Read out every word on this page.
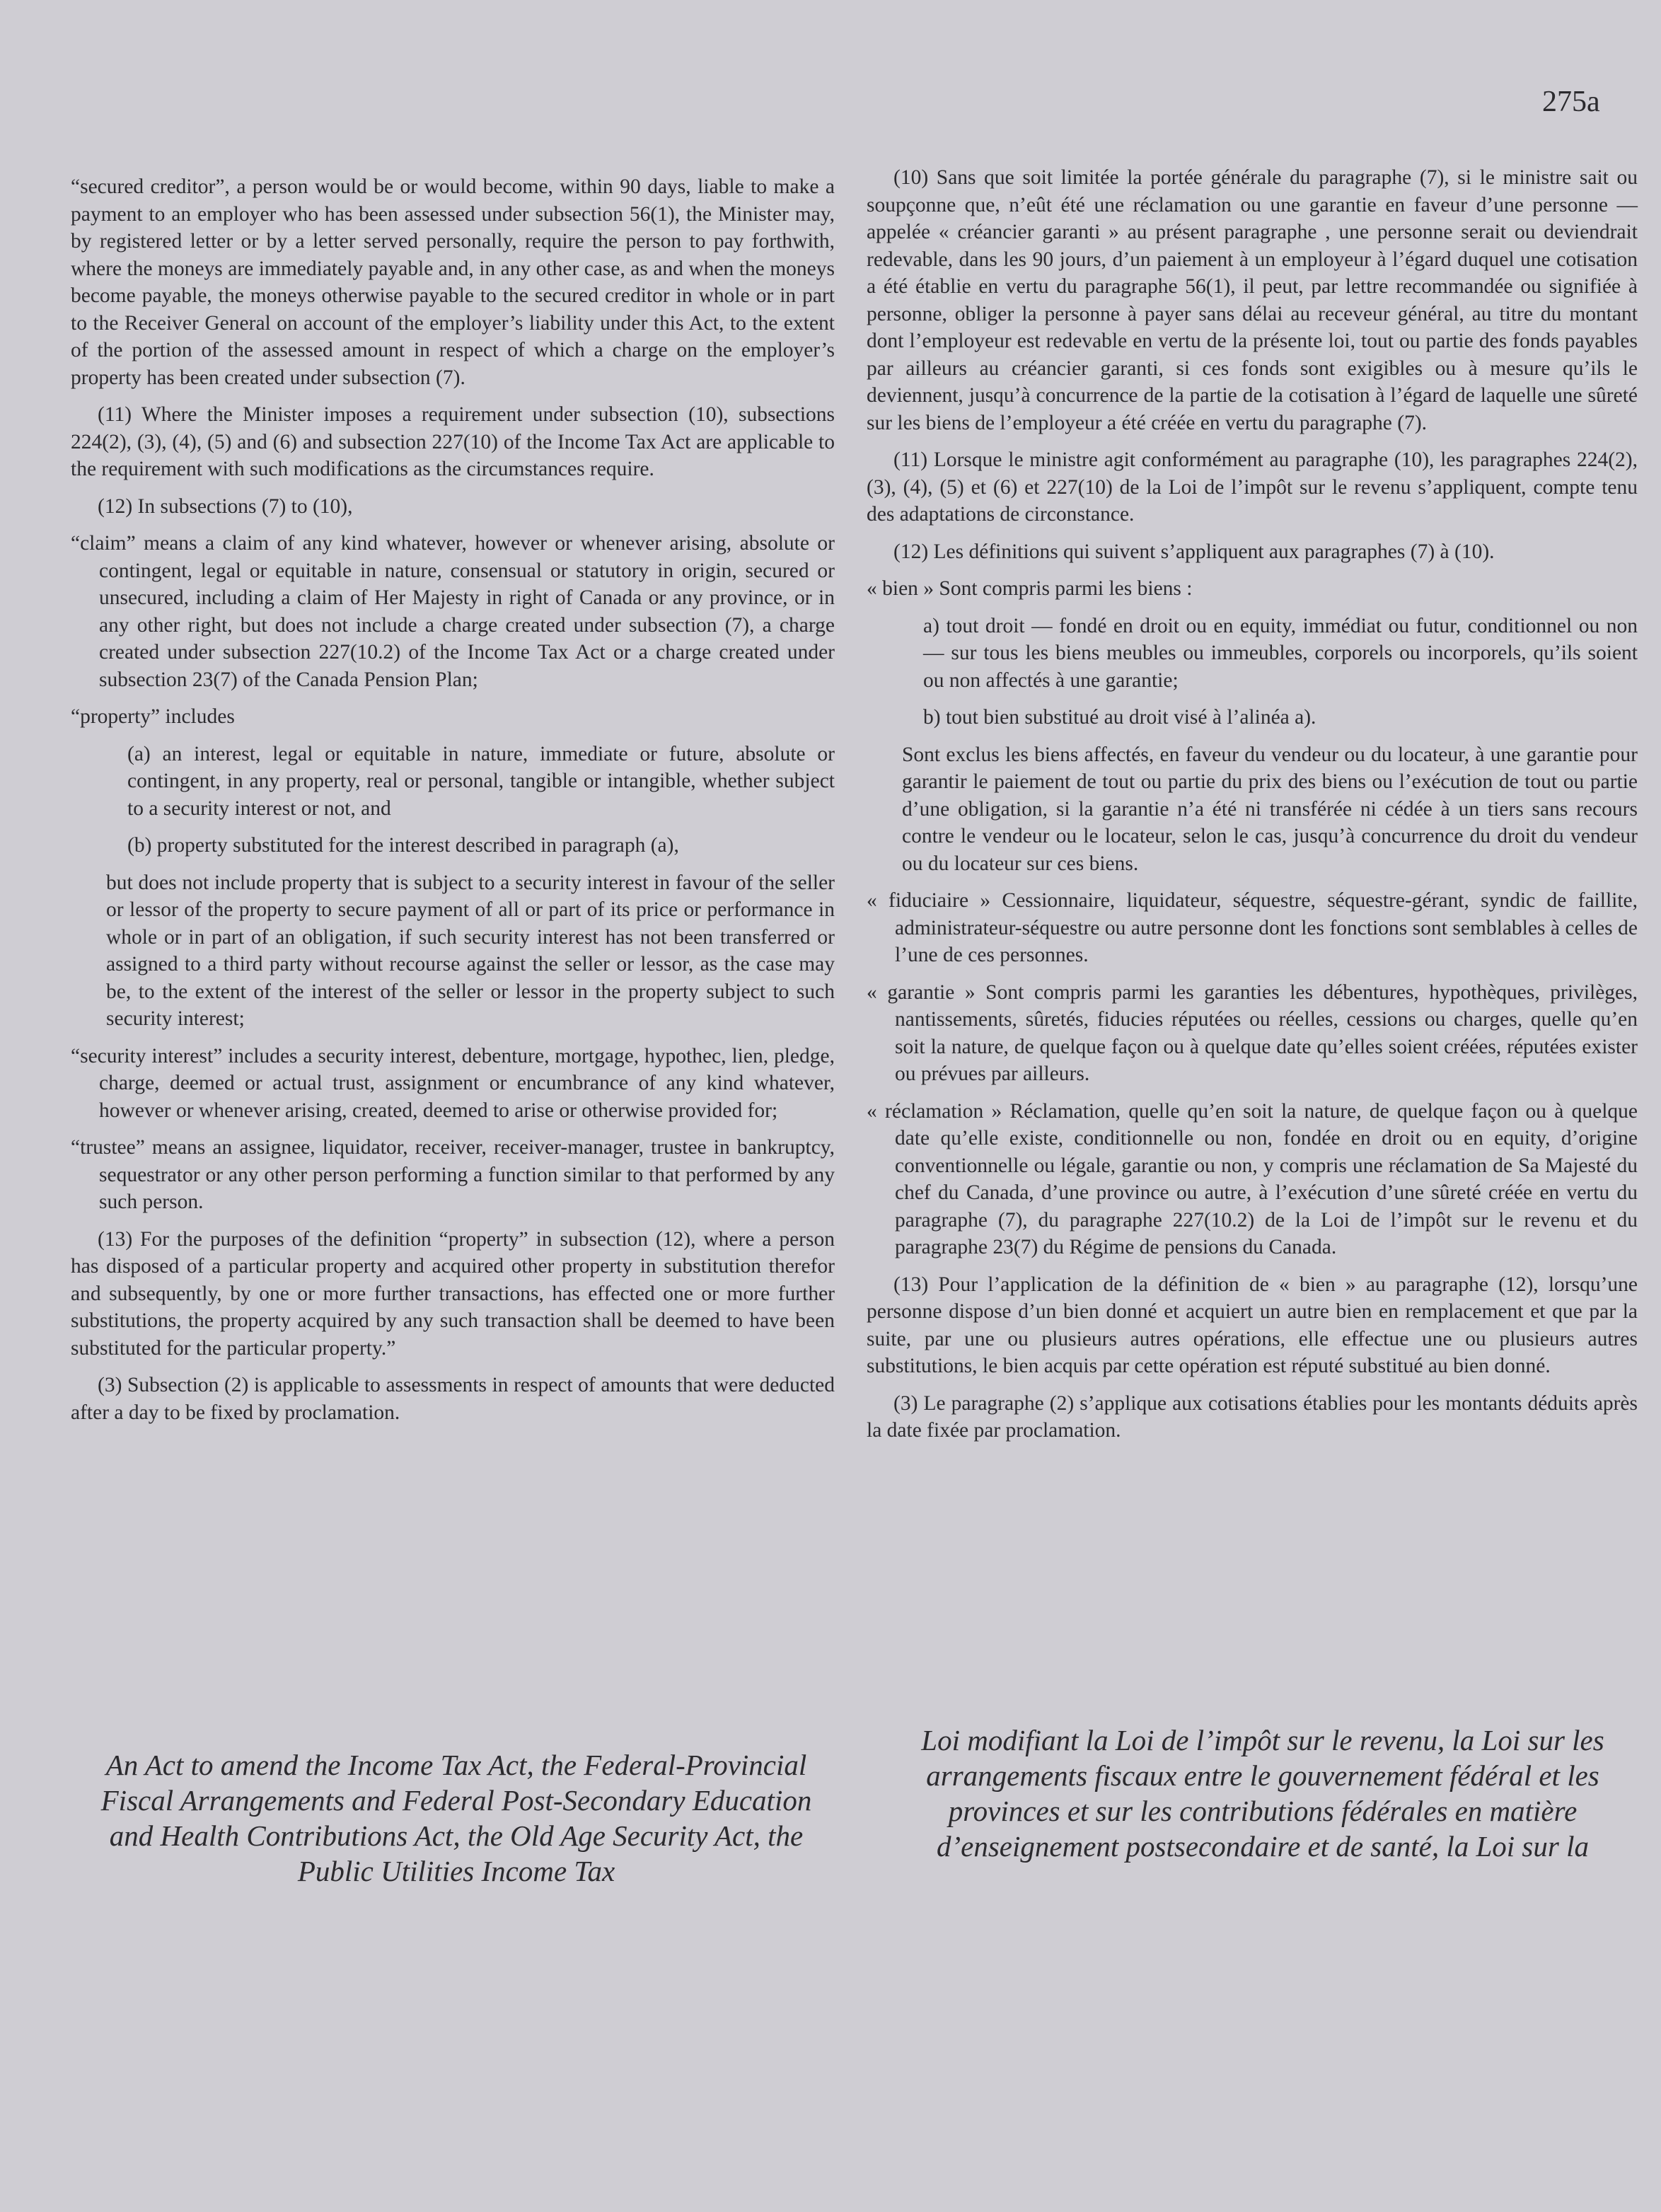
275a

“secured creditor”, a person would be or would become, within 90 days, liable to make a payment to an employer who has been assessed under subsection 56(1), the Minister may, by registered letter or by a letter served personally, require the person to pay forthwith, where the moneys are immediately payable and, in any other case, as and when the moneys become payable, the moneys otherwise payable to the secured creditor in whole or in part to the Receiver General on account of the employer’s liability under this Act, to the extent of the portion of the assessed amount in respect of which a charge on the employer’s property has been created under subsection (7).

(11) Where the Minister imposes a requirement under subsection (10), subsections 224(2), (3), (4), (5) and (6) and subsection 227(10) of the Income Tax Act are applicable to the requirement with such modifications as the circumstances require.

(12) In subsections (7) to (10),

“claim” means a claim of any kind whatever, however or whenever arising, absolute or contingent, legal or equitable in nature, consensual or statutory in origin, secured or unsecured, including a claim of Her Majesty in right of Canada or any province, or in any other right, but does not include a charge created under subsection (7), a charge created under subsection 227(10.2) of the Income Tax Act or a charge created under subsection 23(7) of the Canada Pension Plan;

“property” includes

(a) an interest, legal or equitable in nature, immediate or future, absolute or contingent, in any property, real or personal, tangible or intangible, whether subject to a security interest or not, and

(b) property substituted for the interest described in paragraph (a),

but does not include property that is subject to a security interest in favour of the seller or lessor of the property to secure payment of all or part of its price or performance in whole or in part of an obligation, if such security interest has not been transferred or assigned to a third party without recourse against the seller or lessor, as the case may be, to the extent of the interest of the seller or lessor in the property subject to such security interest;

“security interest” includes a security interest, debenture, mortgage, hypothec, lien, pledge, charge, deemed or actual trust, assignment or encumbrance of any kind whatever, however or whenever arising, created, deemed to arise or otherwise provided for;

“trustee” means an assignee, liquidator, receiver, receiver-manager, trustee in bankruptcy, sequestrator or any other person performing a function similar to that performed by any such person.

(13) For the purposes of the definition “property” in subsection (12), where a person has disposed of a particular property and acquired other property in substitution therefor and subsequently, by one or more further transactions, has effected one or more further substitutions, the property acquired by any such transaction shall be deemed to have been substituted for the particular property.”

(3) Subsection (2) is applicable to assessments in respect of amounts that were deducted after a day to be fixed by proclamation.

(10) Sans que soit limitée la portée générale du paragraphe (7), si le ministre sait ou soupçonne que, n’eût été une réclamation ou une garantie en faveur d’une personne — appelée « créancier garanti » au présent paragraphe , une personne serait ou deviendrait redevable, dans les 90 jours, d’un paiement à un employeur à l’égard duquel une cotisation a été établie en vertu du paragraphe 56(1), il peut, par lettre recommandée ou signifiée à personne, obliger la personne à payer sans délai au receveur général, au titre du montant dont l’employeur est redevable en vertu de la présente loi, tout ou partie des fonds payables par ailleurs au créancier garanti, si ces fonds sont exigibles ou à mesure qu’ils le deviennent, jusqu’à concurrence de la partie de la cotisation à l’égard de laquelle une sûreté sur les biens de l’employeur a été créée en vertu du paragraphe (7).

(11) Lorsque le ministre agit conformément au paragraphe (10), les paragraphes 224(2), (3), (4), (5) et (6) et 227(10) de la Loi de l’impôt sur le revenu s’appliquent, compte tenu des adaptations de circonstance.

(12) Les définitions qui suivent s’appliquent aux paragraphes (7) à (10).

« bien » Sont compris parmi les biens :

a) tout droit — fondé en droit ou en equity, immédiat ou futur, conditionnel ou non — sur tous les biens meubles ou immeubles, corporels ou incorporels, qu’ils soient ou non affectés à une garantie;

b) tout bien substitué au droit visé à l’alinéa a).

Sont exclus les biens affectés, en faveur du vendeur ou du locateur, à une garantie pour garantir le paiement de tout ou partie du prix des biens ou l’exécution de tout ou partie d’une obligation, si la garantie n’a été ni transférée ni cédée à un tiers sans recours contre le vendeur ou le locateur, selon le cas, jusqu’à concurrence du droit du vendeur ou du locateur sur ces biens.

« fiduciaire » Cessionnaire, liquidateur, séquestre, séquestre-gérant, syndic de faillite, administrateur-séquestre ou autre personne dont les fonctions sont semblables à celles de l’une de ces personnes.

« garantie » Sont compris parmi les garanties les débentures, hypothèques, privilèges, nantissements, sûretés, fiducies réputées ou réelles, cessions ou charges, quelle qu’en soit la nature, de quelque façon ou à quelque date qu’elles soient créées, réputées exister ou prévues par ailleurs.

« réclamation » Réclamation, quelle qu’en soit la nature, de quelque façon ou à quelque date qu’elle existe, conditionnelle ou non, fondée en droit ou en equity, d’origine conventionnelle ou légale, garantie ou non, y compris une réclamation de Sa Majesté du chef du Canada, d’une province ou autre, à l’exécution d’une sûreté créée en vertu du paragraphe (7), du paragraphe 227(10.2) de la Loi de l’impôt sur le revenu et du paragraphe 23(7) du Régime de pensions du Canada.

(13) Pour l’application de la définition de « bien » au paragraphe (12), lorsqu’une personne dispose d’un bien donné et acquiert un autre bien en remplacement et que par la suite, par une ou plusieurs autres opérations, elle effectue une ou plusieurs autres substitutions, le bien acquis par cette opération est réputé substitué au bien donné.

(3) Le paragraphe (2) s’applique aux cotisations établies pour les montants déduits après la date fixée par proclamation.

An Act to amend the Income Tax Act, the Federal-Provincial Fiscal Arrangements and Federal Post-Secondary Education and Health Contributions Act, the Old Age Security Act, the Public Utilities Income Tax
Loi modifiant la Loi de l’impôt sur le revenu, la Loi sur les arrangements fiscaux entre le gouvernement fédéral et les provinces et sur les contributions fédérales en matière d’enseignement postsecondaire et de santé, la Loi sur la
